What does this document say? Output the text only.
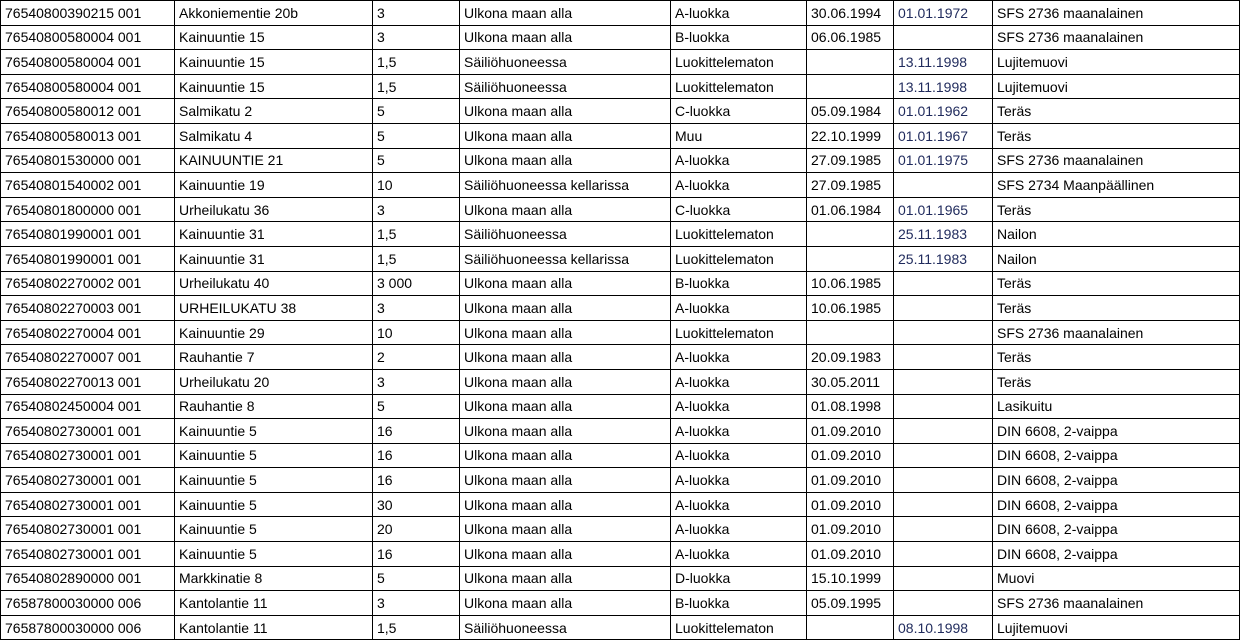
76540800390215 001	Akkoniementie 20b	3	Ulkona maan alla	A-luokka	30.06.1994	01.01.1972	SFS 2736 maanalainen
76540800580004 001	Kainuuntie 15	3	Ulkona maan alla	B-luokka	06.06.1985		SFS 2736 maanalainen
76540800580004 001	Kainuuntie 15	1,5	Säiliöhuoneessa	Luokittelematon		13.11.1998	Lujitemuovi
76540800580004 001	Kainuuntie 15	1,5	Säiliöhuoneessa	Luokittelematon		13.11.1998	Lujitemuovi
76540800580012 001	Salmikatu 2	5	Ulkona maan alla	C-luokka	05.09.1984	01.01.1962	Teräs
76540800580013 001	Salmikatu 4	5	Ulkona maan alla	Muu	22.10.1999	01.01.1967	Teräs
76540801530000 001	KAINUUNTIE 21	5	Ulkona maan alla	A-luokka	27.09.1985	01.01.1975	SFS 2736 maanalainen
76540801540002 001	Kainuuntie 19	10	Säiliöhuoneessa kellarissa	A-luokka	27.09.1985		SFS 2734 Maanpäällinen
76540801800000 001	Urheilukatu 36	3	Ulkona maan alla	C-luokka	01.06.1984	01.01.1965	Teräs
76540801990001 001	Kainuuntie 31	1,5	Säiliöhuoneessa	Luokittelematon		25.11.1983	Nailon
76540801990001 001	Kainuuntie 31	1,5	Säiliöhuoneessa kellarissa	Luokittelematon		25.11.1983	Nailon
76540802270002 001	Urheilukatu 40	3 000	Ulkona maan alla	B-luokka	10.06.1985		Teräs
76540802270003 001	URHEILUKATU 38	3	Ulkona maan alla	A-luokka	10.06.1985		Teräs
76540802270004 001	Kainuuntie 29	10	Ulkona maan alla	Luokittelematon			SFS 2736 maanalainen
76540802270007 001	Rauhantie 7	2	Ulkona maan alla	A-luokka	20.09.1983		Teräs
76540802270013 001	Urheilukatu 20	3	Ulkona maan alla	A-luokka	30.05.2011		Teräs
76540802450004 001	Rauhantie 8	5	Ulkona maan alla	A-luokka	01.08.1998		Lasikuitu
76540802730001 001	Kainuuntie 5	16	Ulkona maan alla	A-luokka	01.09.2010		DIN 6608, 2-vaippa
76540802730001 001	Kainuuntie 5	16	Ulkona maan alla	A-luokka	01.09.2010		DIN 6608, 2-vaippa
76540802730001 001	Kainuuntie 5	16	Ulkona maan alla	A-luokka	01.09.2010		DIN 6608, 2-vaippa
76540802730001 001	Kainuuntie 5	30	Ulkona maan alla	A-luokka	01.09.2010		DIN 6608, 2-vaippa
76540802730001 001	Kainuuntie 5	20	Ulkona maan alla	A-luokka	01.09.2010		DIN 6608, 2-vaippa
76540802730001 001	Kainuuntie 5	16	Ulkona maan alla	A-luokka	01.09.2010		DIN 6608, 2-vaippa
76540802890000 001	Markkinatie 8	5	Ulkona maan alla	D-luokka	15.10.1999		Muovi
76587800030000 006	Kantolantie 11	3	Ulkona maan alla	B-luokka	05.09.1995		SFS 2736 maanalainen
76587800030000 006	Kantolantie 11	1,5	Säiliöhuoneessa	Luokittelematon		08.10.1998	Lujitemuovi
